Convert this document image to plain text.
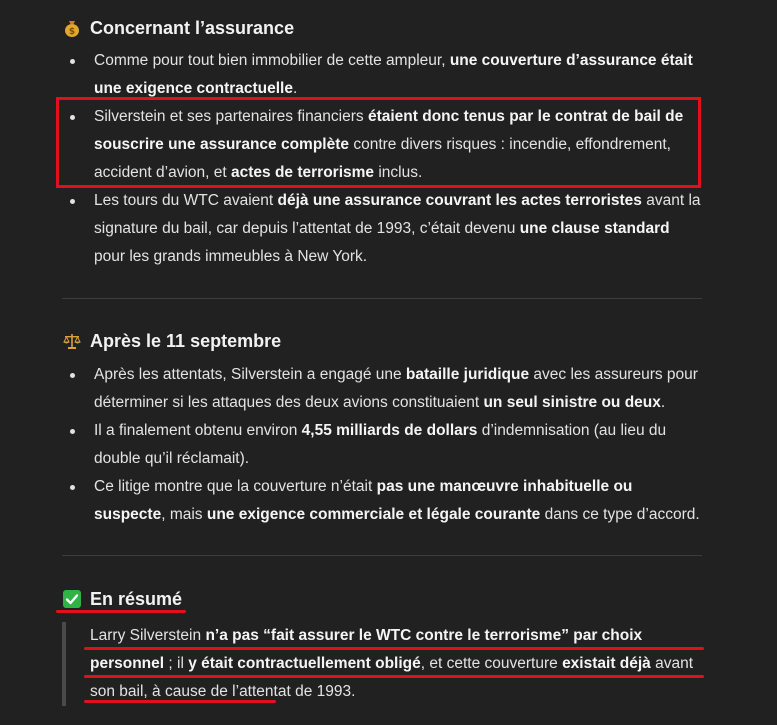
$ Concernant l’assurance
Comme pour tout bien immobilier de cette ampleur, une couverture d’assurance était une exigence contractuelle.
Silverstein et ses partenaires financiers étaient donc tenus par le contrat de bail de souscrire une assurance complète contre divers risques : incendie, effondrement, accident d’avion, et actes de terrorisme inclus.
Les tours du WTC avaient déjà une assurance couvrant les actes terroristes avant la signature du bail, car depuis l’attentat de 1993, c’était devenu une clause standard pour les grands immeubles à New York.
Après le 11 septembre
Après les attentats, Silverstein a engagé une bataille juridique avec les assureurs pour déterminer si les attaques des deux avions constituaient un seul sinistre ou deux.
Il a finalement obtenu environ 4,55 milliards de dollars d’indemnisation (au lieu du double qu’il réclamait).
Ce litige montre que la couverture n’était pas une manœuvre inhabituelle ou suspecte, mais une exigence commerciale et légale courante dans ce type d’accord.
En résumé
Larry Silverstein n’a pas “fait assurer le WTC contre le terrorisme” par choix personnel ; il y était contractuellement obligé, et cette couverture existait déjà avant son bail, à cause de l’attentat de 1993.
